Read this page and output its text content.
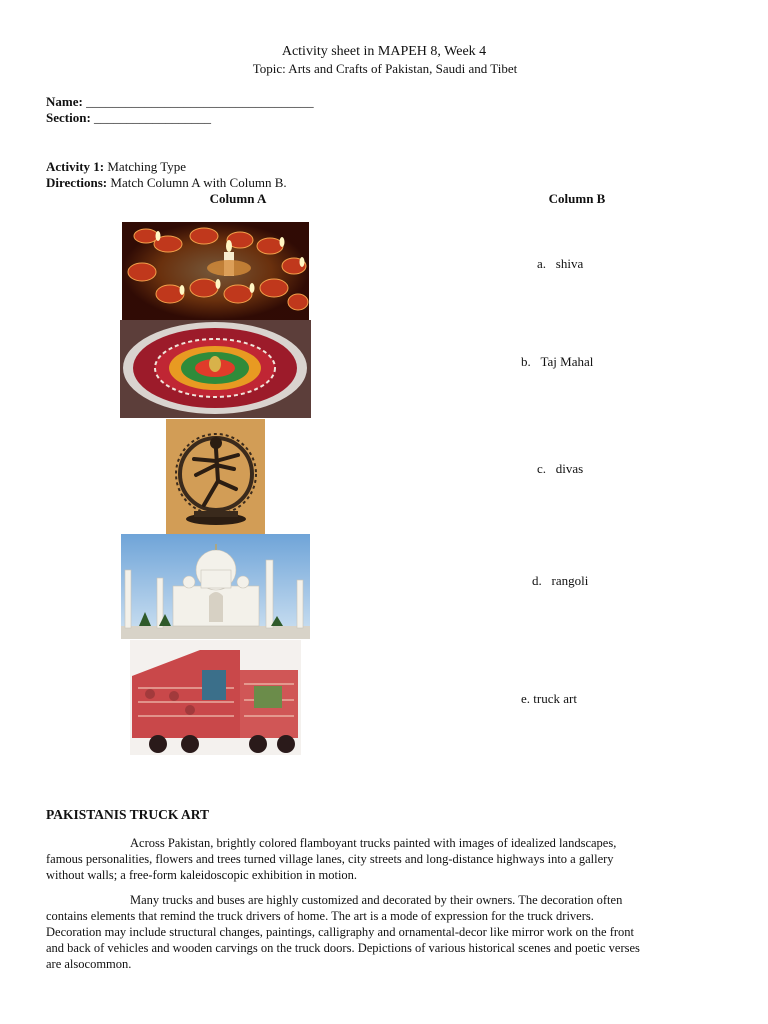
Activity sheet in MAPEH 8, Week 4
Topic: Arts and Crafts of Pakistan, Saudi and Tibet
Name: ___________________________________
Section: __________________
Activity 1: Matching Type
Directions: Match Column A with Column B.
Column A	Column B
a. shiva
b. Taj Mahal
c. divas
d. rangoli
e. truck art
PAKISTANIS TRUCK ART
Across Pakistan, brightly colored flamboyant trucks painted with images of idealized landscapes,
famous personalities, flowers and trees turned village lanes, city streets and long-distance highways into a gallery
without walls; a free-form kaleidoscopic exhibition in motion.
Many trucks and buses are highly customized and decorated by their owners. The decoration often
contains elements that remind the truck drivers of home. The art is a mode of expression for the truck drivers.
Decoration may include structural changes, paintings, calligraphy and ornamental-decor like mirror work on the front
and back of vehicles and wooden carvings on the truck doors. Depictions of various historical scenes and poetic verses
are alsocommon.
